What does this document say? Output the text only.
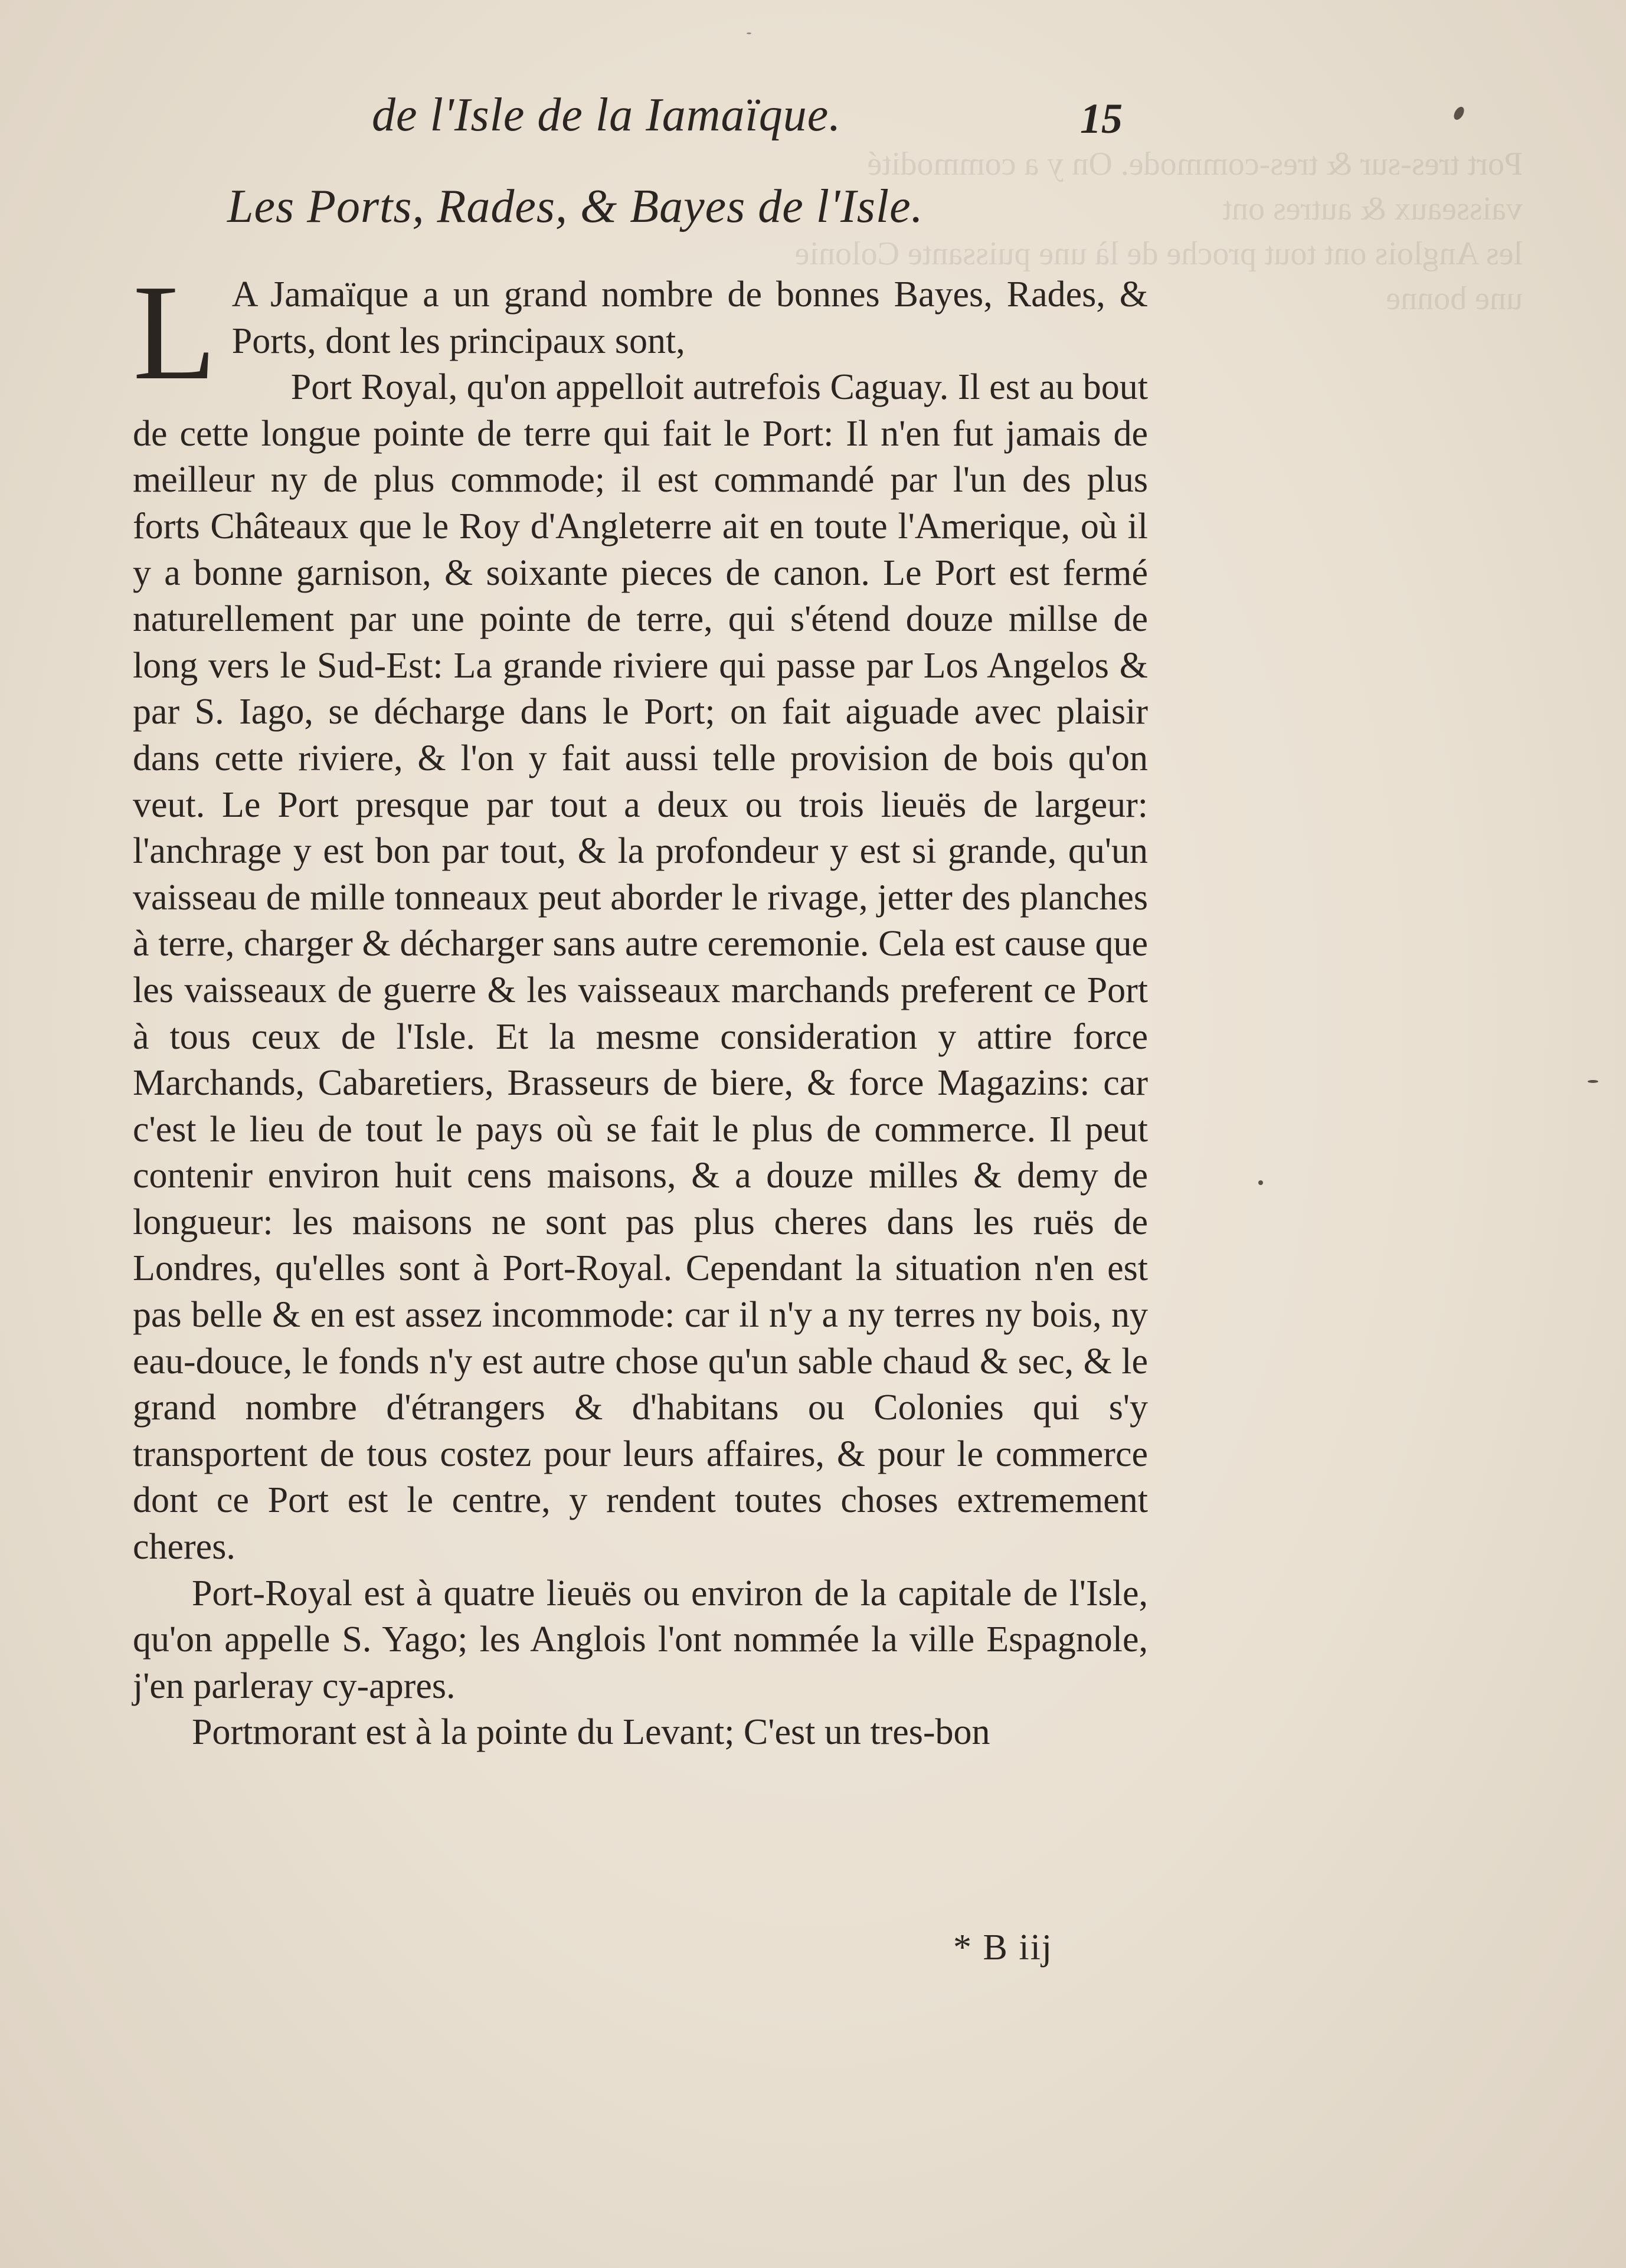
Port tres-sur & tres-commode. On y a commodité
vaisseaux & autres ont
les Anglois ont tout proche de là une puissante Colonie
une bonne
de l'Isle de la Iamaïque.	15
Les Ports, Rades, & Bayes de l'Isle.

L A Jamaïque a un grand nombre de bonnes Bayes, Rades, & Ports, dont les principaux sont,

Port Royal, qu'on appelloit autrefois Caguay. Il est au bout de cette longue pointe de terre qui fait le Port: Il n'en fut jamais de meilleur ny de plus commode; il est commandé par l'un des plus forts Châteaux que le Roy d'Angleterre ait en toute l'Amerique, où il y a bonne garnison, & soixante pieces de canon. Le Port est fermé naturellement par une pointe de terre, qui s'étend douze millse de long vers le Sud-Est: La grande riviere qui passe par Los Angelos & par S. Iago, se décharge dans le Port; on fait aiguade avec plaisir dans cette riviere, & l'on y fait aussi telle provision de bois qu'on veut. Le Port presque par tout a deux ou trois lieuës de largeur: l'anchrage y est bon par tout, & la profondeur y est si grande, qu'un vaisseau de mille tonneaux peut aborder le rivage, jetter des planches à terre, charger & décharger sans autre ceremonie. Cela est cause que les vaisseaux de guerre & les vaisseaux marchands preferent ce Port à tous ceux de l'Isle. Et la mesme consideration y attire force Marchands, Cabaretiers, Brasseurs de biere, & force Magazins: car c'est le lieu de tout le pays où se fait le plus de commerce. Il peut contenir environ huit cens maisons, & a douze milles & demy de longueur: les maisons ne sont pas plus cheres dans les ruës de Londres, qu'elles sont à Port-Royal. Cependant la situation n'en est pas belle & en est assez incommode: car il n'y a ny terres ny bois, ny eau-douce, le fonds n'y est autre chose qu'un sable chaud & sec, & le grand nombre d'étrangers & d'habitans ou Colonies qui s'y transportent de tous costez pour leurs affaires, & pour le commerce dont ce Port est le centre, y rendent toutes choses extremement cheres.

Port-Royal est à quatre lieuës ou environ de la capitale de l'Isle, qu'on appelle S. Yago; les Anglois l'ont nommée la ville Espagnole, j'en parleray cy-apres.

Portmorant est à la pointe du Levant; C'est un tres-bon

* B iij
